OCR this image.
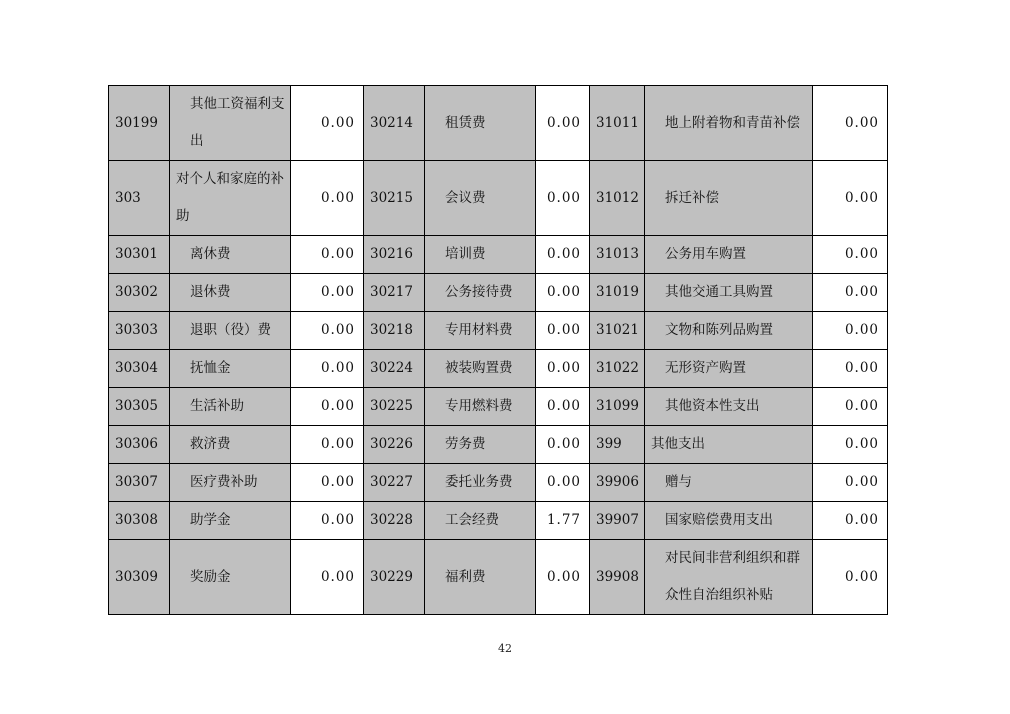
30199	其他工资福利支出	0.00	30214	租赁费	0.00	31011	地上附着物和青苗补偿	0.00
303	对个人和家庭的补助	0.00	30215	会议费	0.00	31012	拆迁补偿	0.00
30301	离休费	0.00	30216	培训费	0.00	31013	公务用车购置	0.00
30302	退休费	0.00	30217	公务接待费	0.00	31019	其他交通工具购置	0.00
30303	退职（役）费	0.00	30218	专用材料费	0.00	31021	文物和陈列品购置	0.00
30304	抚恤金	0.00	30224	被装购置费	0.00	31022	无形资产购置	0.00
30305	生活补助	0.00	30225	专用燃料费	0.00	31099	其他资本性支出	0.00
30306	救济费	0.00	30226	劳务费	0.00	399	其他支出	0.00
30307	医疗费补助	0.00	30227	委托业务费	0.00	39906	赠与	0.00
30308	助学金	0.00	30228	工会经费	1.77	39907	国家赔偿费用支出	0.00
30309	奖励金	0.00	30229	福利费	0.00	39908	对民间非营利组织和群众性自治组织补贴	0.00
42
